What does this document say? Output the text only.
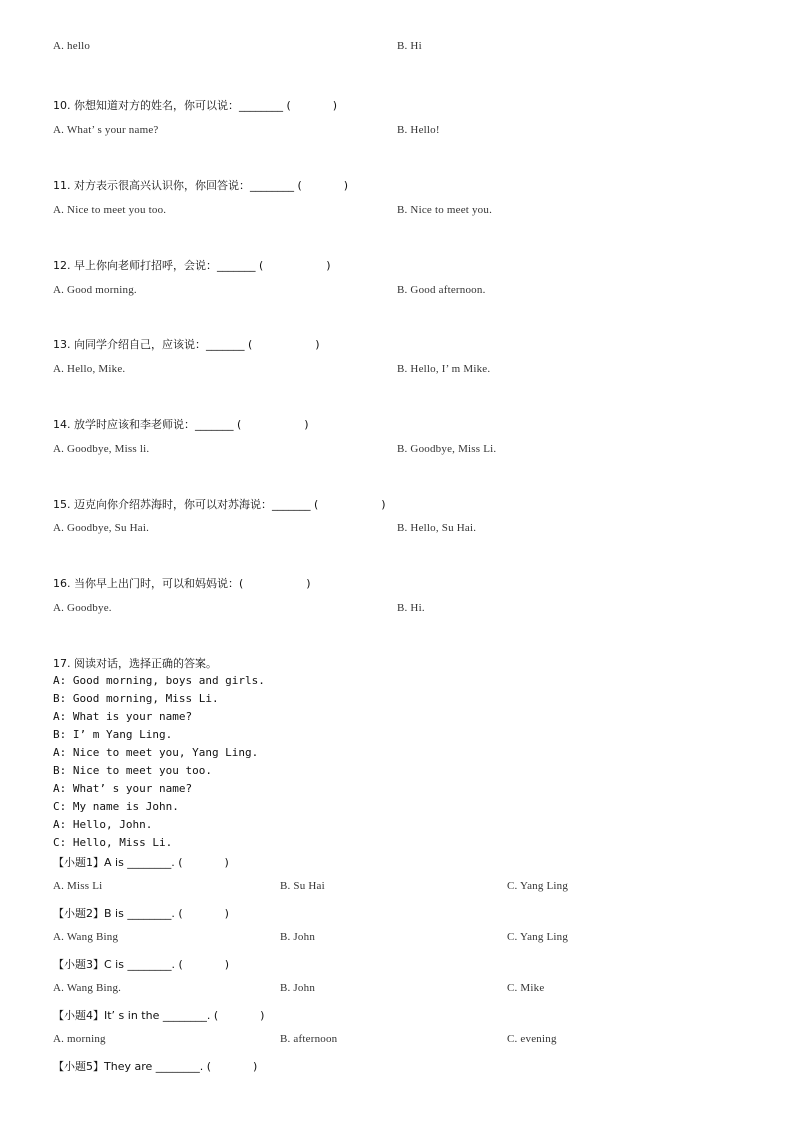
A. hello	B. Hi
10. 你想知道对方的姓名，你可以说：________ (            )
A. What’ s your name?	B. Hello!
11. 对方表示很高兴认识你，你回答说：________ (            )
A. Nice to meet you too.	B. Nice to meet you.
12. 早上你向老师打招呼，会说：_______ (                  )
A. Good morning.	B. Good afternoon.
13. 向同学介绍自己，应该说：_______ (                  )
A. Hello, Mike.	B. Hello, I’ m Mike.
14. 放学时应该和李老师说：_______ (                  )
A. Goodbye, Miss li.	B. Goodbye, Miss Li.
15. 迈克向你介绍苏海时，你可以对苏海说：_______ (                  )
A. Goodbye, Su Hai.	B. Hello, Su Hai.
16. 当你早上出门时，可以和妈妈说：(                  )
A. Goodbye.	B. Hi.
17. 阅读对话，选择正确的答案。
A: Good morning, boys and girls.
B: Good morning, Miss Li.
A: What is your name?
B: I’ m Yang Ling.
A: Nice to meet you, Yang Ling.
B: Nice to meet you too.
A: What’ s your name?
C: My name is John.
A: Hello, John.
C: Hello, Miss Li.
【小题1】A is ________. (            )
A. Miss Li	B. Su Hai	C. Yang Ling
【小题2】B is ________. (            )
A. Wang Bing	B. John	C. Yang Ling
【小题3】C is ________. (            )
A. Wang Bing.	B. John	C. Mike
【小题4】It’ s in the ________. (            )
A. morning	B. afternoon	C. evening
【小题5】They are ________. (            )
